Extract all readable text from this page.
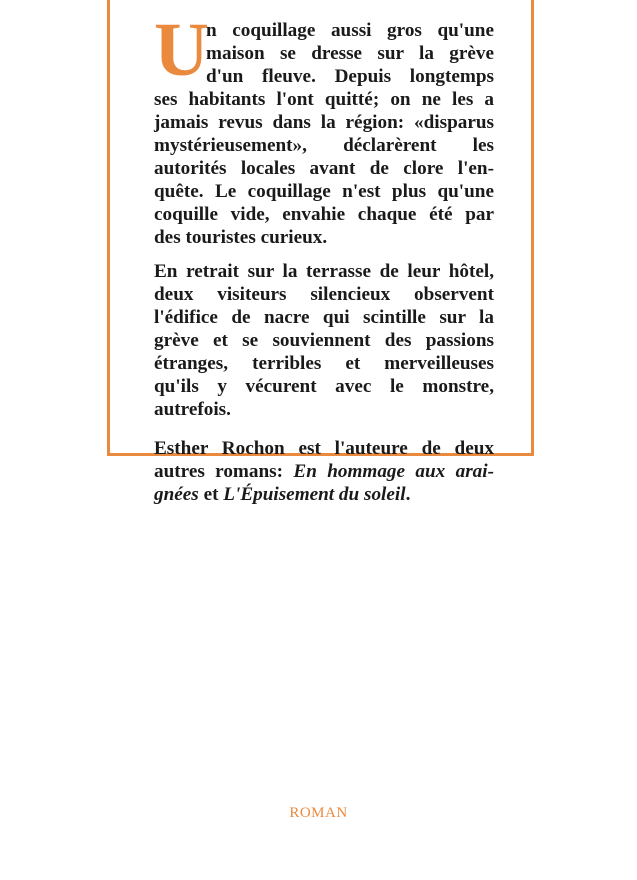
U
n coquillage aussi gros qu'une
maison se dresse sur la grève
d'un fleuve. Depuis longtemps
ses habitants l'ont quitté; on ne les a
jamais revus dans la région: «disparus
mystérieusement», déclarèrent les
autorités locales avant de clore l'en-
quête. Le coquillage n'est plus qu'une
coquille vide, envahie chaque été par
des touristes curieux.
En retrait sur la terrasse de leur hôtel,
deux visiteurs silencieux observent
l'édifice de nacre qui scintille sur la
grève et se souviennent des passions
étranges, terribles et merveilleuses
qu'ils y vécurent avec le monstre,
autrefois.
Esther Rochon est l'auteure de deux
autres romans: En hommage aux arai-
gnées et L'Épuisement du soleil.
ROMAN
